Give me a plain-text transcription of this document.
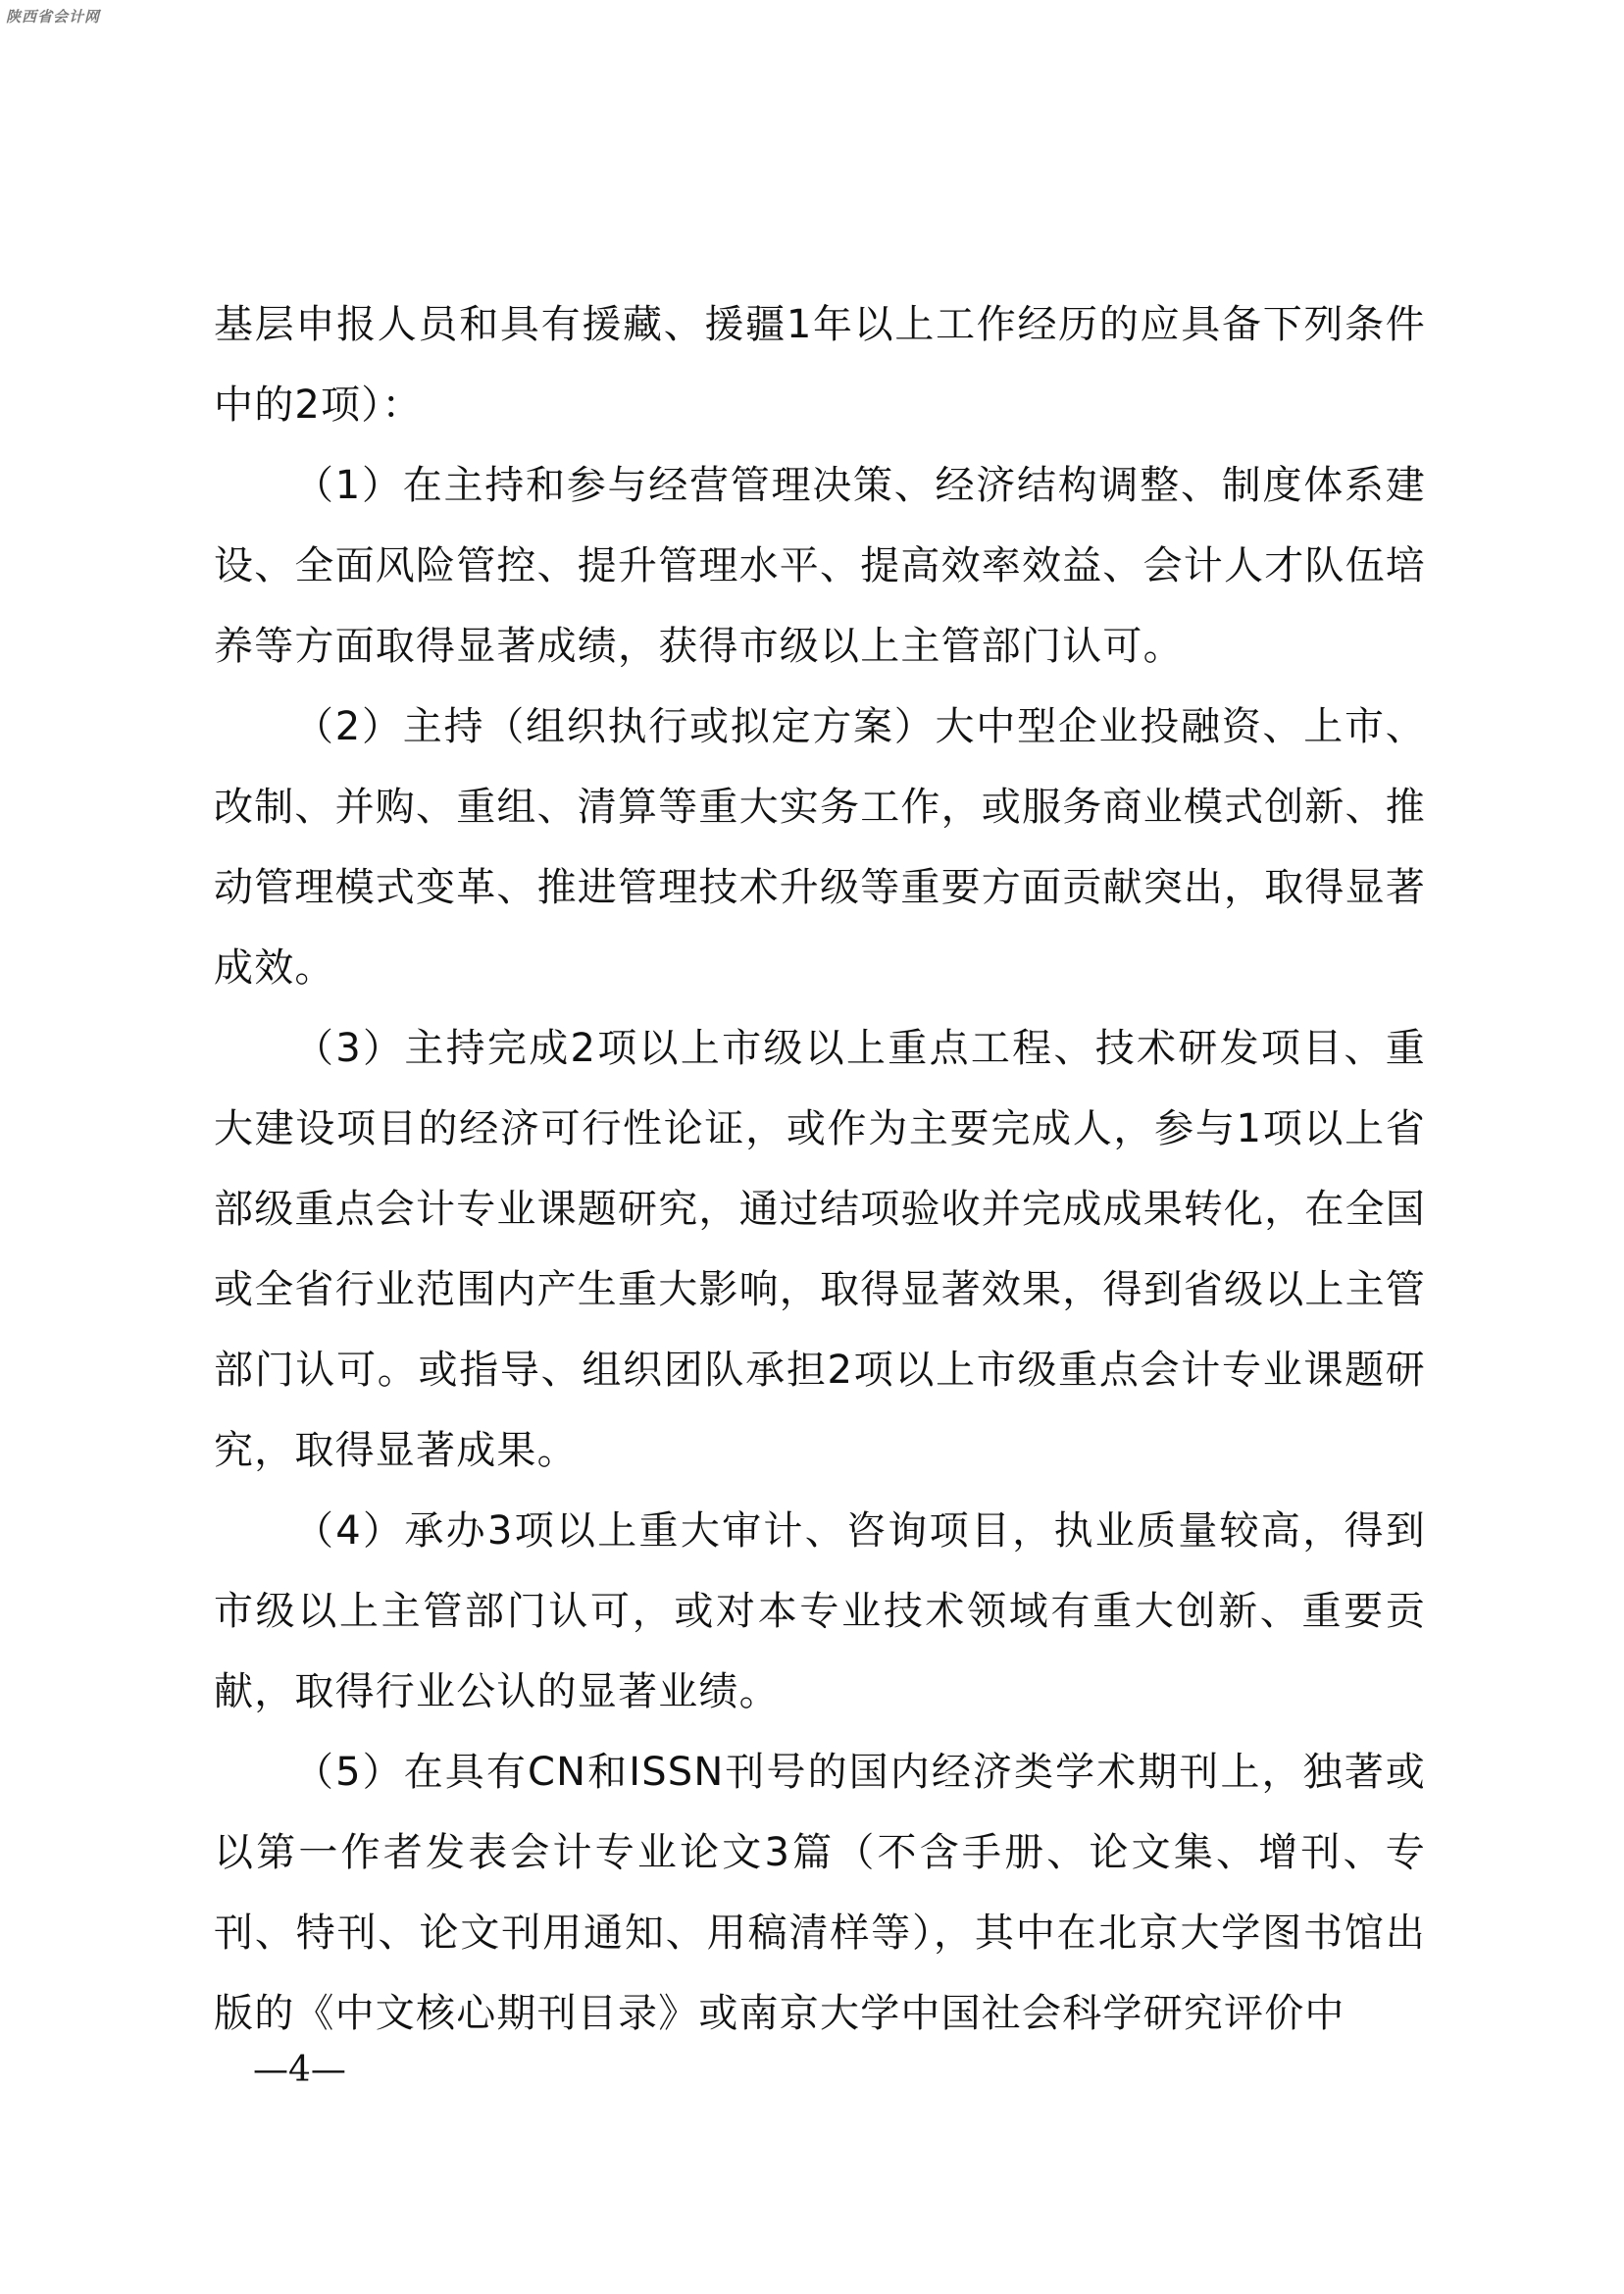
陕西省会计网

基层申报人员和具有援藏、援疆1年以上工作经历的应具备下列条件中的2项）：

（1）在主持和参与经营管理决策、经济结构调整、制度体系建设、全面风险管控、提升管理水平、提高效率效益、会计人才队伍培养等方面取得显著成绩，获得市级以上主管部门认可。

（2）主持（组织执行或拟定方案）大中型企业投融资、上市、改制、并购、重组、清算等重大实务工作，或服务商业模式创新、推动管理模式变革、推进管理技术升级等重要方面贡献突出，取得显著成效。

（3）主持完成2项以上市级以上重点工程、技术研发项目、重大建设项目的经济可行性论证，或作为主要完成人，参与1项以上省部级重点会计专业课题研究，通过结项验收并完成成果转化，在全国或全省行业范围内产生重大影响，取得显著效果，得到省级以上主管部门认可。或指导、组织团队承担2项以上市级重点会计专业课题研究，取得显著成果。

（4）承办3项以上重大审计、咨询项目，执业质量较高，得到市级以上主管部门认可，或对本专业技术领域有重大创新、重要贡献，取得行业公认的显著业绩。

（5）在具有CN和ISSN刊号的国内经济类学术期刊上，独著或以第一作者发表会计专业论文3篇（不含手册、论文集、增刊、专刊、特刊、论文刊用通知、用稿清样等），其中在北京大学图书馆出版的《中文核心期刊目录》或南京大学中国社会科学研究评价中

—4—
